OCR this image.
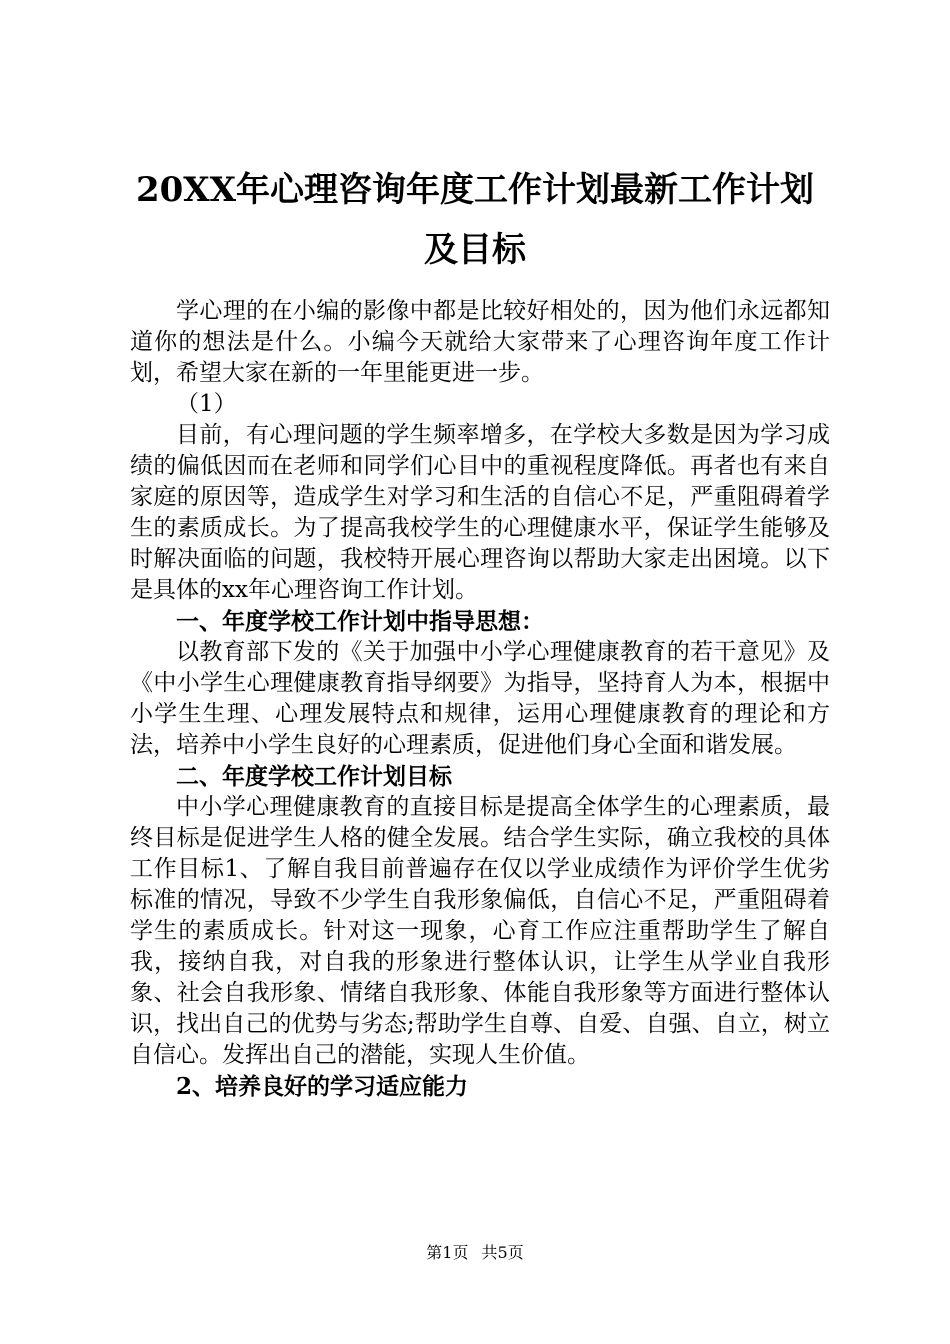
20XX年心理咨询年度工作计划最新工作计划
及目标

学心理的在小编的影像中都是比较好相处的，因为他们永远都知道你的想法是什么。小编今天就给大家带来了心理咨询年度工作计划，希望大家在新的一年里能更进一步。

（1）

目前，有心理问题的学生频率增多，在学校大多数是因为学习成绩的偏低因而在老师和同学们心目中的重视程度降低。再者也有来自家庭的原因等，造成学生对学习和生活的自信心不足，严重阻碍着学生的素质成长。为了提高我校学生的心理健康水平，保证学生能够及时解决面临的问题，我校特开展心理咨询以帮助大家走出困境。以下是具体的xx年心理咨询工作计划。

一、年度学校工作计划中指导思想：

以教育部下发的《关于加强中小学心理健康教育的若干意见》及《中小学生心理健康教育指导纲要》为指导，坚持育人为本，根据中小学生生理、心理发展特点和规律，运用心理健康教育的理论和方法，培养中小学生良好的心理素质，促进他们身心全面和谐发展。

二、年度学校工作计划目标

中小学心理健康教育的直接目标是提高全体学生的心理素质，最终目标是促进学生人格的健全发展。结合学生实际，确立我校的具体工作目标1、了解自我目前普遍存在仅以学业成绩作为评价学生优劣标准的情况，导致不少学生自我形象偏低，自信心不足，严重阻碍着学生的素质成长。针对这一现象，心育工作应注重帮助学生了解自我，接纳自我，对自我的形象进行整体认识，让学生从学业自我形象、社会自我形象、情绪自我形象、体能自我形象等方面进行整体认识，找出自己的优势与劣态;帮助学生自尊、自爱、自强、自立，树立自信心。发挥出自己的潜能，实现人生价值。

2、培养良好的学习适应能力

第1页 共5页
